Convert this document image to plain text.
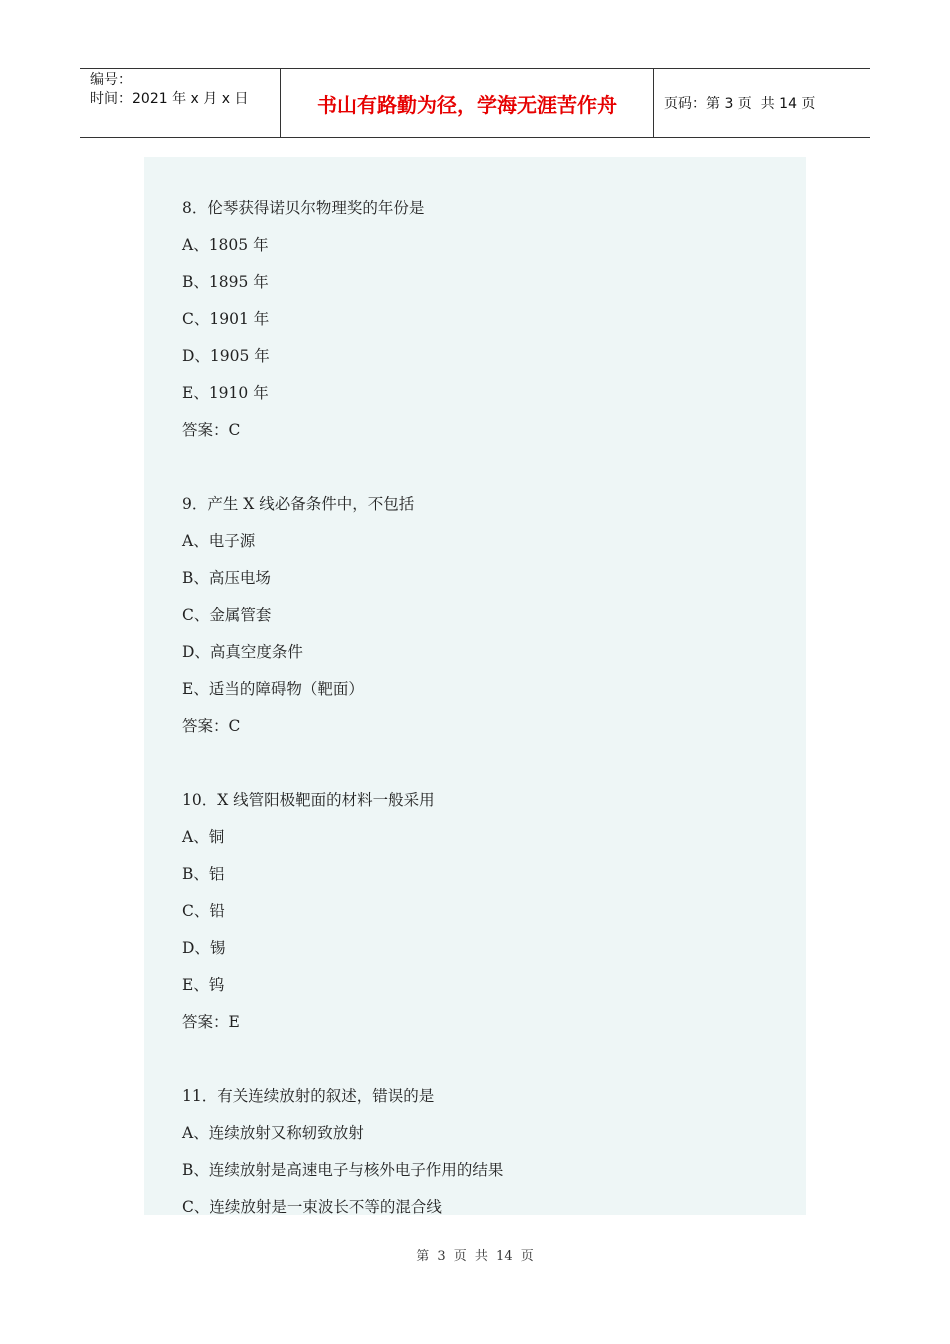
编号：
时间：2021 年 x 月 x 日	书山有路勤为径，学海无涯苦作舟	页码：第 3 页  共 14 页
8．伦琴获得诺贝尔物理奖的年份是
A、1805 年
B、1895 年
C、1901 年
D、1905 年
E、1910 年
答案：C
9．产生 X 线必备条件中，不包括
A、电子源
B、高压电场
C、金属管套
D、高真空度条件
E、适当的障碍物（靶面）
答案：C
10．X 线管阳极靶面的材料一般采用
A、铜
B、铝
C、铅
D、锡
E、钨
答案：E
11．有关连续放射的叙述，错误的是
A、连续放射又称轫致放射
B、连续放射是高速电子与核外电子作用的结果
C、连续放射是一束波长不等的混合线
第 3 页 共 14 页
